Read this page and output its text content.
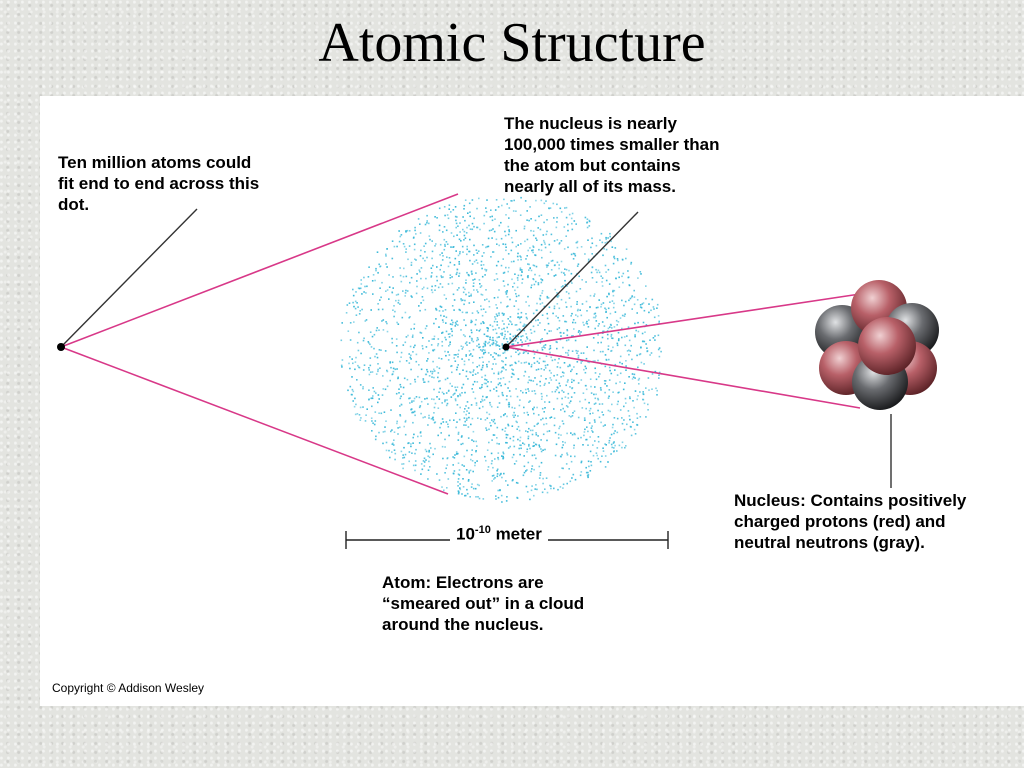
Atomic Structure

Ten million atoms could
fit end to end across this
dot.

The nucleus is nearly
100,000 times smaller than
the atom but contains
nearly all of its mass.

Nucleus: Contains positively
charged protons (red) and
neutral neutrons (gray).

Atom: Electrons are
“smeared out” in a cloud
around the nucleus.

$10^{-10}$ meter
Copyright © Addison Wesley
